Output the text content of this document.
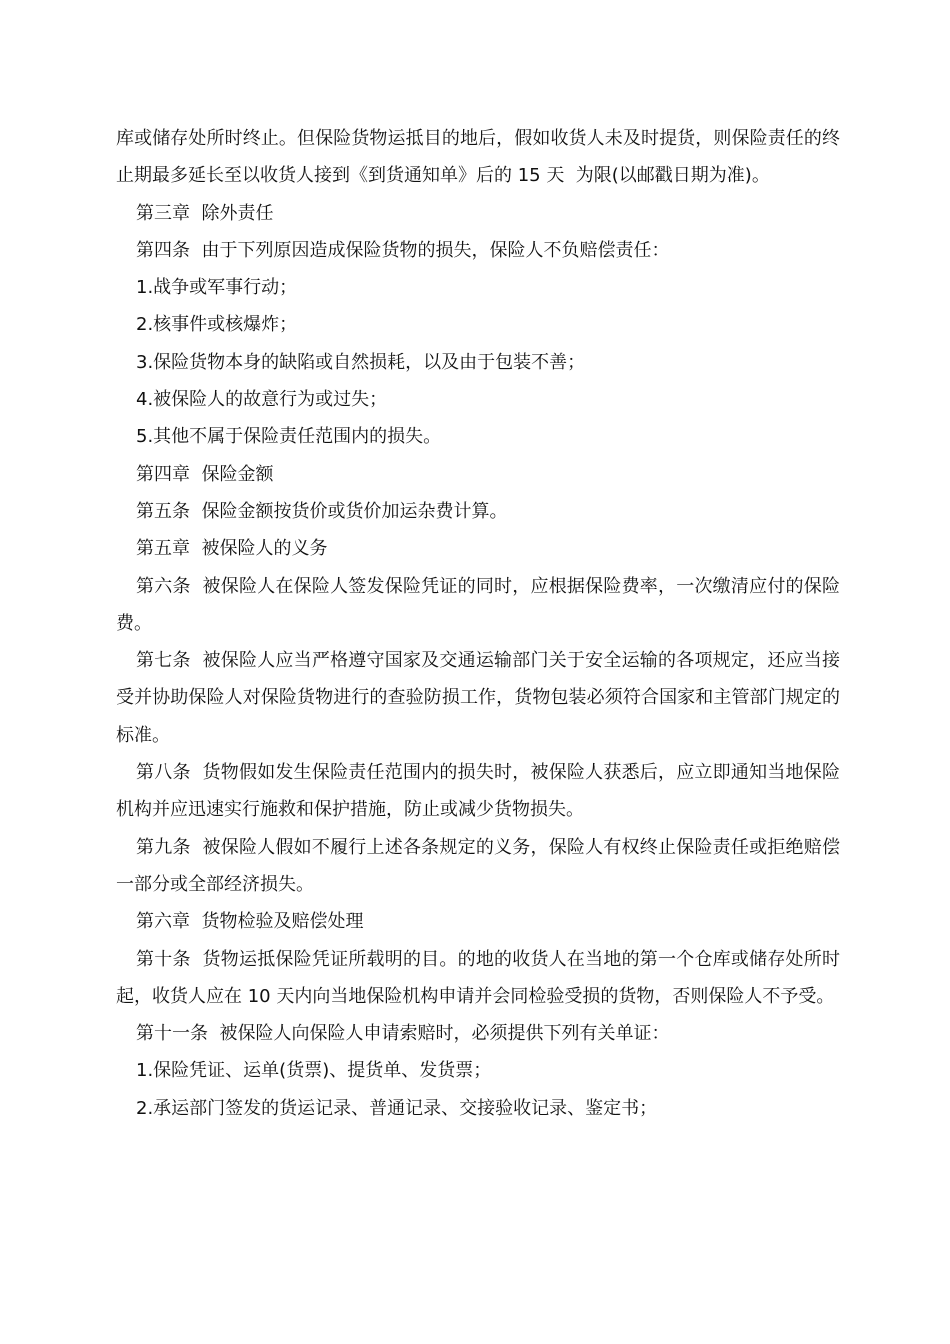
库或储存处所时终止。但保险货物运抵目的地后，假如收货人未及时提货，则保险责任的终止期最多延长至以收货人接到《到货通知单》后的 15 天  为限(以邮戳日期为准)。

第三章  除外责任

第四条  由于下列原因造成保险货物的损失，保险人不负赔偿责任：

1.战争或军事行动；

2.核事件或核爆炸；

3.保险货物本身的缺陷或自然损耗，以及由于包装不善；

4.被保险人的故意行为或过失；

5.其他不属于保险责任范围内的损失。

第四章  保险金额

第五条  保险金额按货价或货价加运杂费计算。

第五章  被保险人的义务

第六条  被保险人在保险人签发保险凭证的同时，应根据保险费率，一次缴清应付的保险费。

第七条  被保险人应当严格遵守国家及交通运输部门关于安全运输的各项规定，还应当接受并协助保险人对保险货物进行的查验防损工作，货物包装必须符合国家和主管部门规定的标准。

第八条  货物假如发生保险责任范围内的损失时，被保险人获悉后，应立即通知当地保险机构并应迅速实行施救和保护措施，防止或减少货物损失。

第九条  被保险人假如不履行上述各条规定的义务，保险人有权终止保险责任或拒绝赔偿一部分或全部经济损失。

第六章  货物检验及赔偿处理

第十条  货物运抵保险凭证所载明的目。的地的收货人在当地的第一个仓库或储存处所时起，收货人应在 10 天内向当地保险机构申请并会同检验受损的货物，否则保险人不予受。

第十一条  被保险人向保险人申请索赔时，必须提供下列有关单证：

1.保险凭证、运单(货票)、提货单、发货票；

2.承运部门签发的货运记录、普通记录、交接验收记录、鉴定书；
